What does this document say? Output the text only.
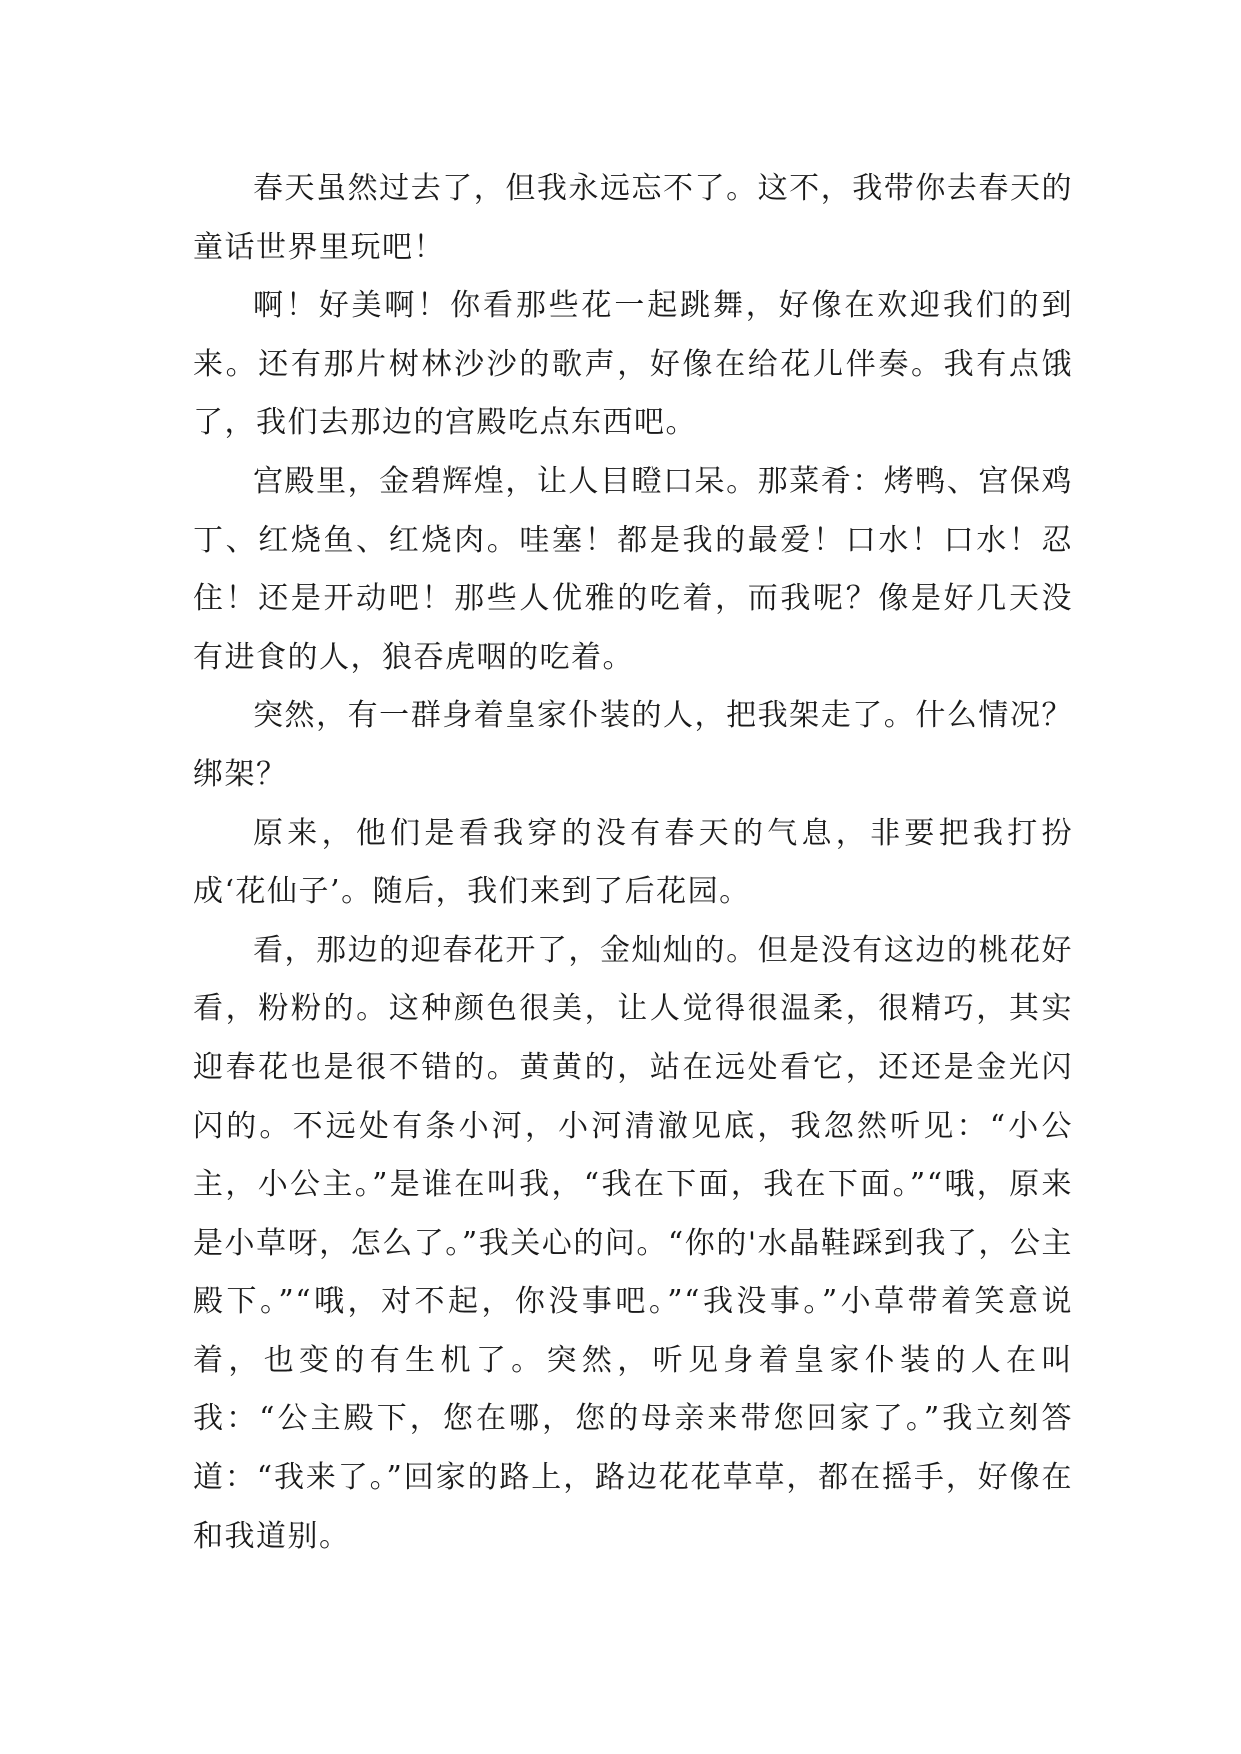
春天虽然过去了，但我永远忘不了。这不，我带你去春天的童话世界里玩吧！

啊！好美啊！你看那些花一起跳舞，好像在欢迎我们的到来。还有那片树林沙沙的歌声，好像在给花儿伴奏。我有点饿了，我们去那边的宫殿吃点东西吧。

宫殿里，金碧辉煌，让人目瞪口呆。那菜肴：烤鸭、宫保鸡丁、红烧鱼、红烧肉。哇塞！都是我的最爱！口水！口水！忍住！还是开动吧！那些人优雅的吃着，而我呢？像是好几天没有进食的人，狼吞虎咽的吃着。

突然，有一群身着皇家仆装的人，把我架走了。什么情况？绑架？

原来，他们是看我穿的没有春天的气息，非要把我打扮成‘花仙子’。随后，我们来到了后花园。

看，那边的迎春花开了，金灿灿的。但是没有这边的桃花好看，粉粉的。这种颜色很美，让人觉得很温柔，很精巧，其实迎春花也是很不错的。黄黄的，站在远处看它，还还是金光闪闪的。不远处有条小河，小河清澈见底，我忽然听见：“小公主，小公主。”是谁在叫我，“我在下面，我在下面。”“哦，原来是小草呀，怎么了。”我关心的问。“你的'水晶鞋踩到我了，公主殿下。”“哦，对不起，你没事吧。”“我没事。”小草带着笑意说着，也变的有生机了。突然，听见身着皇家仆装的人在叫我：“公主殿下，您在哪，您的母亲来带您回家了。”我立刻答道：“我来了。”回家的路上，路边花花草草，都在摇手，好像在和我道别。
